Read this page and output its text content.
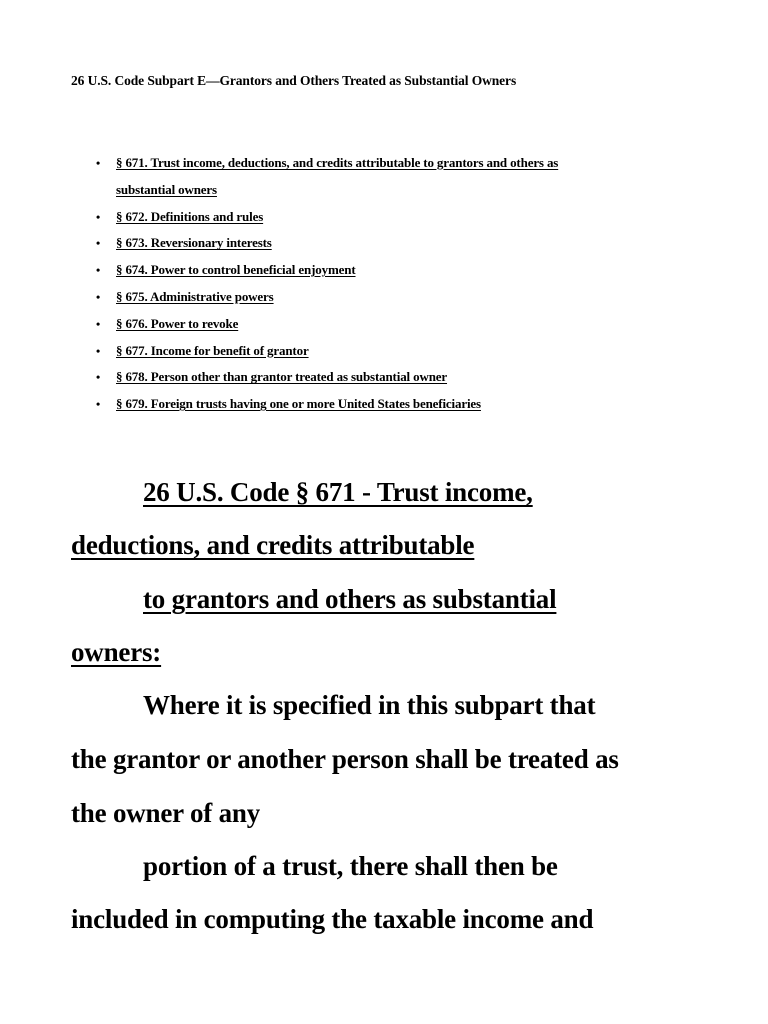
26 U.S. Code Subpart E—Grantors and Others Treated as Substantial Owners
• § 671. Trust income, deductions, and credits attributable to grantors and others as
substantial owners
• § 672. Definitions and rules
• § 673. Reversionary interests
• § 674. Power to control beneficial enjoyment
• § 675. Administrative powers
• § 676. Power to revoke
• § 677. Income for benefit of grantor
• § 678. Person other than grantor treated as substantial owner
• § 679. Foreign trusts having one or more United States beneficiaries
26 U.S. Code § 671 - Trust income,
deductions, and credits attributable
to grantors and others as substantial
owners:
Where it is specified in this subpart that
the grantor or another person shall be treated as
the owner of any
portion of a trust, there shall then be
included in computing the taxable income and
